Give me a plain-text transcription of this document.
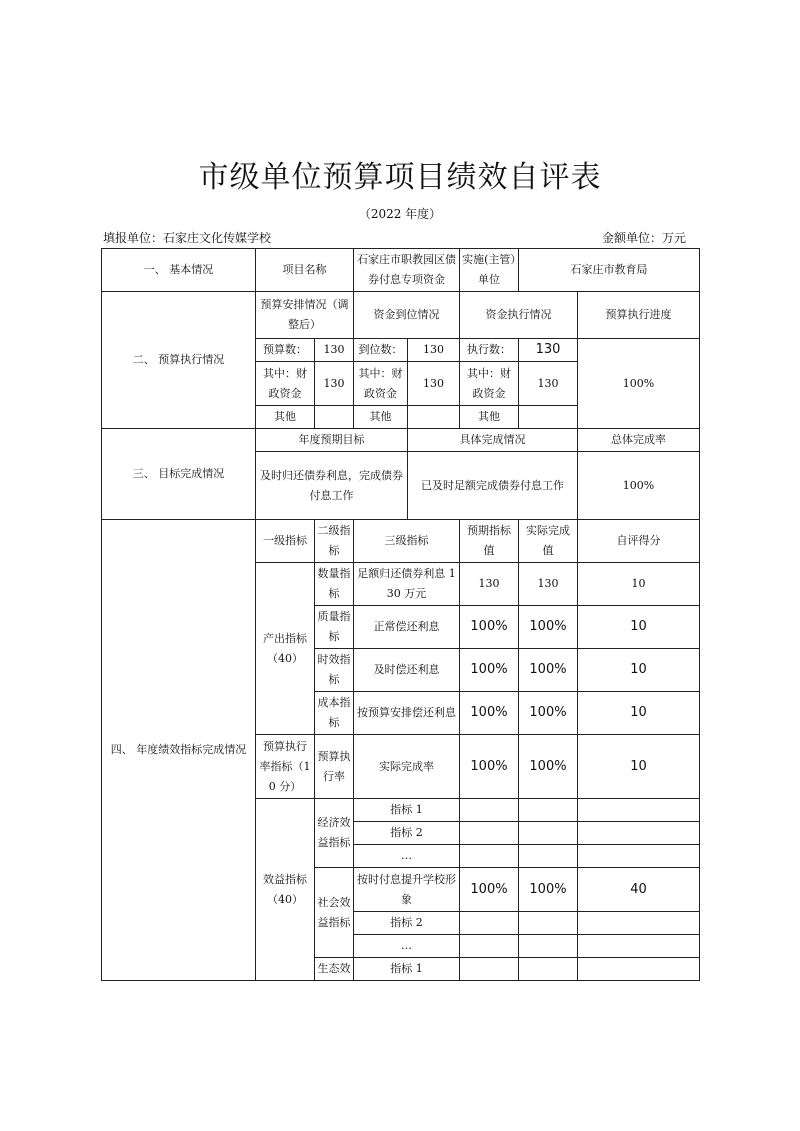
市级单位预算项目绩效自评表
（2022 年度）
填报单位：石家庄文化传媒学校	金额单位：万元
一、 基本情况	项目名称		石家庄市职教园区债券付息专项资金		实施(主管）单位	石家庄市教育局	
二、 预算执行情况	预算安排情况（调整后）		资金到位情况		资金执行情况		预算执行进度
	预算数：	130	到位数：	130	执行数：	130	100%
	其中：财政资金	130	其中：财政资金	130	其中：财政资金	130	
	其他		其他		其他		
三、 目标完成情况	年度预期目标			具体完成情况			总体完成率
	及时归还债券利息，完成债券付息工作			已及时足额完成债券付息工作			100%
四、 年度绩效指标完成情况	一级指标	二级指标	三级指标		预期指标值	实际完成值	自评得分
	产出指标（40）	数量指标	足额归还债券利息 130 万元		130	130	10
		质量指标	正常偿还利息		100%	100%	10
		时效指标	及时偿还利息		100%	100%	10
		成本指标	按预算安排偿还利息		100%	100%	10
	预算执行率指标（10 分）	预算执行率	实际完成率		100%	100%	10
	效益指标（40）	经济效益指标	指标 1				
			指标 2				
			…				
		社会效益指标	按时付息提升学校形象		100%	100%	40
			指标 2				
			…				
		生态效	指标 1				
